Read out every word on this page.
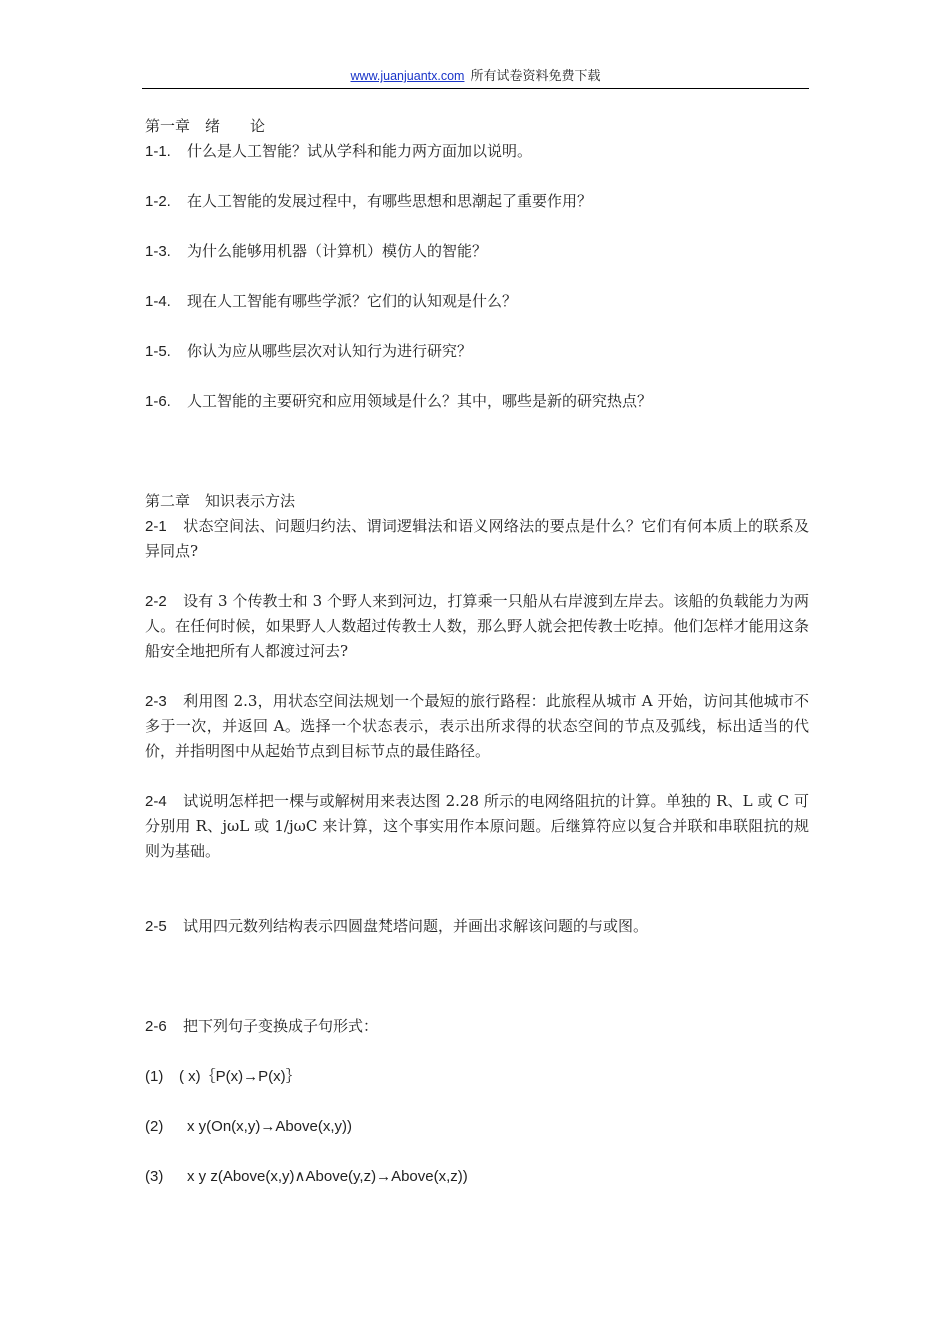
www.juanjuantx.com 所有试卷资料免费下载
第一章　绪　　论
1-1. 什么是人工智能？试从学科和能力两方面加以说明。
1-2. 在人工智能的发展过程中，有哪些思想和思潮起了重要作用？
1-3. 为什么能够用机器（计算机）模仿人的智能？
1-4. 现在人工智能有哪些学派？它们的认知观是什么？
1-5. 你认为应从哪些层次对认知行为进行研究？
1-6. 人工智能的主要研究和应用领域是什么？其中，哪些是新的研究热点？
第二章　知识表示方法
2-1 状态空间法、问题归约法、谓词逻辑法和语义网络法的要点是什么？它们有何本质上的联系及异同点?
2-2 设有 3 个传教士和 3 个野人来到河边，打算乘一只船从右岸渡到左岸去。该船的负载能力为两人。在任何时候，如果野人人数超过传教士人数，那么野人就会把传教士吃掉。他们怎样才能用这条船安全地把所有人都渡过河去?
2-3 利用图 2.3，用状态空间法规划一个最短的旅行路程：此旅程从城市 A 开始，访问其他城市不多于一次，并返回 A。选择一个状态表示，表示出所求得的状态空间的节点及弧线，标出适当的代价，并指明图中从起始节点到目标节点的最佳路径。
2-4 试说明怎样把一棵与或解树用来表达图 2.28 所示的电网络阻抗的计算。单独的 R、L 或 C 可分别用 R、jωL 或 1/jωC 来计算，这个事实用作本原问题。后继算符应以复合并联和串联阻抗的规则为基础。
2-5 试用四元数列结构表示四圆盘梵塔问题，并画出求解该问题的与或图。
2-6 把下列句子变换成子句形式：
(1) ( x)｛P(x)→P(x)｝
(2) x y(On(x,y)→Above(x,y))
(3) x y z(Above(x,y)∧Above(y,z)→Above(x,z))
